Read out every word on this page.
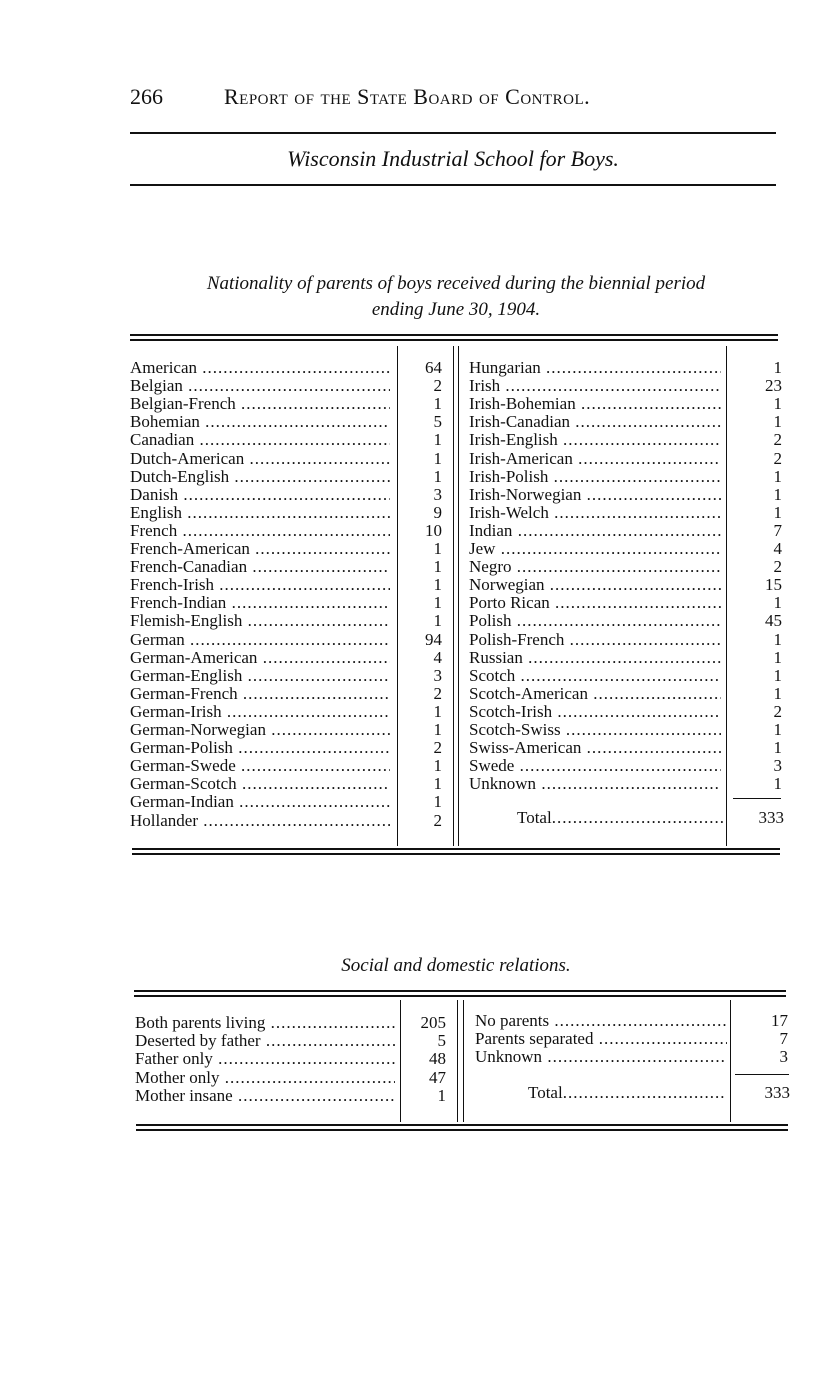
266	Report of the State Board of Control.
Wisconsin Industrial School for Boys.
Nationality of parents of boys received during the biennial period
ending June 30, 1904.
American .....	64
Belgian .....	2
Belgian-French .....	1
Bohemian .....	5
Canadian .....	1
Dutch-American .....	1
Dutch-English .....	1
Danish .....	3
English .....	9
French .....	10
French-American .....	1
French-Canadian .....	1
French-Irish .....	1
French-Indian .....	1
Flemish-English .....	1
German .....	94
German-American .....	4
German-English .....	3
German-French .....	2
German-Irish .....	1
German-Norwegian .....	1
German-Polish .....	2
German-Swede .....	1
German-Scotch .....	1
German-Indian .....	1
Hollander .....	2
Hungarian .....	1
Irish .....	23
Irish-Bohemian .....	1
Irish-Canadian .....	1
Irish-English .....	2
Irish-American .....	2
Irish-Polish .....	1
Irish-Norwegian .....	1
Irish-Welch .....	1
Indian .....	7
Jew .....	4
Negro .....	2
Norwegian .....	15
Porto Rican .....	1
Polish .....	45
Polish-French .....	1
Russian .....	1
Scotch .....	1
Scotch-American .....	1
Scotch-Irish .....	2
Scotch-Swiss .....	1
Swiss-American .....	1
Swede .....	3
Unknown .....	1
Total .....	333
Social and domestic relations.
Both parents living .....	205
Deserted by father .....	5
Father only .....	48
Mother only .....	47
Mother insane .....	1
No parents .....	17
Parents separated .....	7
Unknown .....	3
Total .....	333
